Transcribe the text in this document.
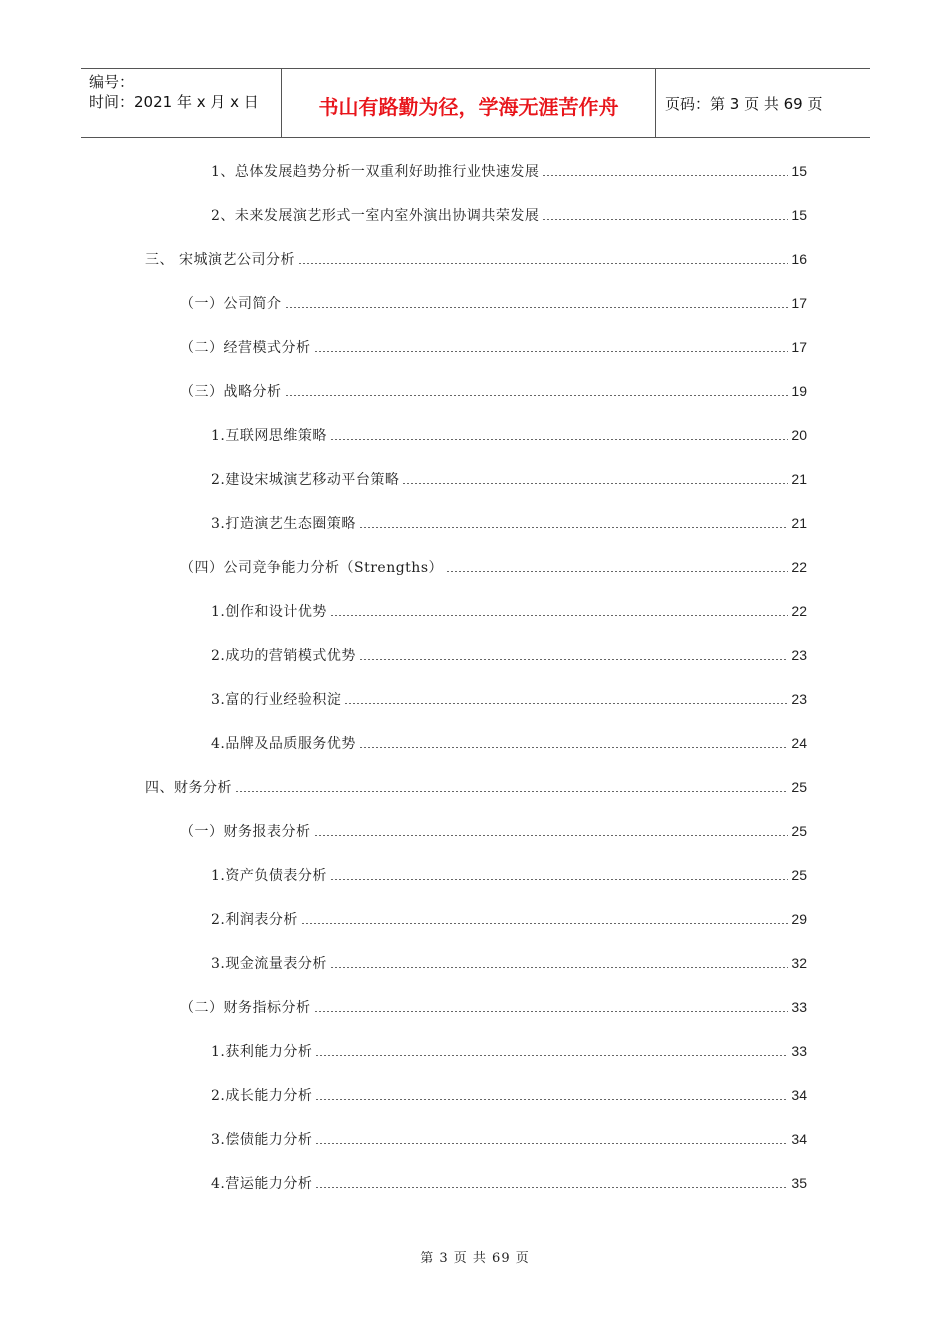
编号：
时间：2021 年 x 月 x 日	书山有路勤为径，学海无涯苦作舟	页码：第 3 页 共 69 页
1、总体发展趋势分析一双重利好助推行业快速发展	15
2、未来发展演艺形式一室内室外演出协调共荣发展	15
三、 宋城演艺公司分析	16
（一）公司简介	17
（二）经营模式分析	17
（三）战略分析	19
1.互联网思维策略	20
2.建设宋城演艺移动平台策略	21
3.打造演艺生态圈策略	21
（四）公司竞争能力分析（Strengths）	22
1.创作和设计优势	22
2.成功的营销模式优势	23
3.富的行业经验积淀	23
4.品牌及品质服务优势	24
四、财务分析	25
（一）财务报表分析	25
1.资产负债表分析	25
2.利润表分析	29
3.现金流量表分析	32
（二）财务指标分析	33
1.获利能力分析	33
2.成长能力分析	34
3.偿债能力分析	34
4.营运能力分析	35
第 3 页 共 69 页
